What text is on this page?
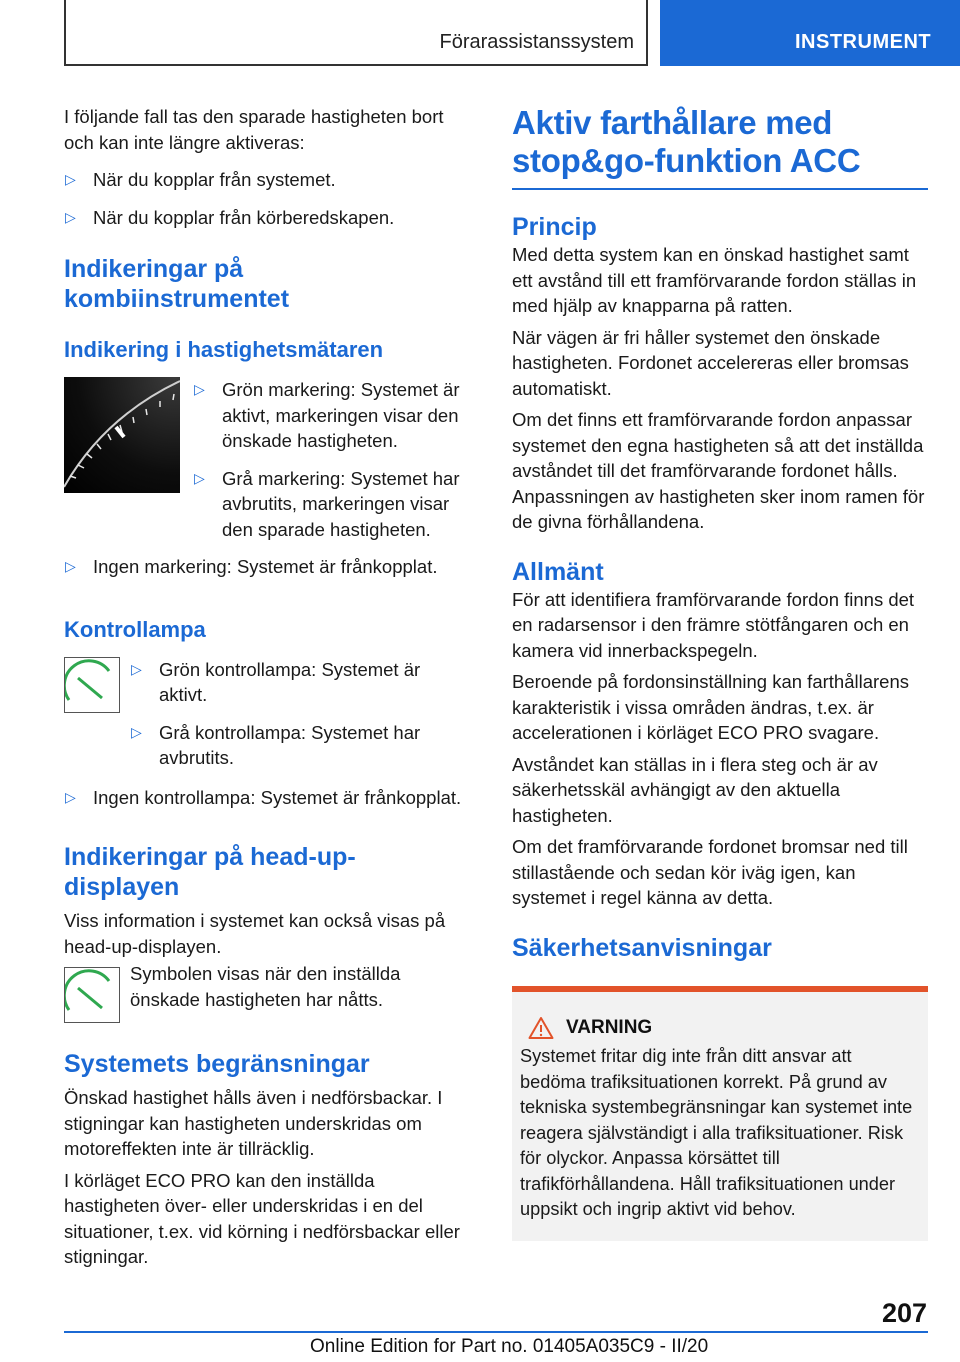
Förarassistanssystem	INSTRUMENT
I följande fall tas den sparade hastigheten bort och kan inte längre aktiveras:
▷ När du kopplar från systemet.
▷ När du kopplar från körberedskapen.
Indikeringar på kombiinstrumentet
Indikering i hastighetsmätaren
▷ Grön markering: Systemet är aktivt, markeringen visar den önskade hastigheten.
▷ Grå markering: Systemet har avbrutits, markeringen visar den sparade hastigheten.
▷ Ingen markering: Systemet är frånkopplat.
Kontrollampa
▷ Grön kontrollampa: Systemet är aktivt.
▷ Grå kontrollampa: Systemet har avbrutits.
▷ Ingen kontrollampa: Systemet är frånkopplat.
Indikeringar på head-up-displayen
Viss information i systemet kan också visas på head-up-displayen.
Symbolen visas när den inställda önskade hastigheten har nåtts.
Systemets begränsningar
Önskad hastighet hålls även i nedförsbackar. I stigningar kan hastigheten underskridas om motoreffekten inte är tillräcklig.
I körläget ECO PRO kan den inställda hastigheten över- eller underskridas i en del situationer, t.ex. vid körning i nedförsbackar eller stigningar.
Aktiv farthållare med stop&go-funktion ACC
Princip
Med detta system kan en önskad hastighet samt ett avstånd till ett framförvarande fordon ställas in med hjälp av knapparna på ratten.
När vägen är fri håller systemet den önskade hastigheten. Fordonet accelereras eller bromsas automatiskt.
Om det finns ett framförvarande fordon anpassar systemet den egna hastigheten så att det inställda avståndet till det framförvarande fordonet hålls. Anpassningen av hastigheten sker inom ramen för de givna förhållandena.
Allmänt
För att identifiera framförvarande fordon finns det en radarsensor i den främre stötfångaren och en kamera vid innerbackspegeln.
Beroende på fordonsinställning kan farthållarens karakteristik i vissa områden ändras, t.ex. är accelerationen i körläget ECO PRO svagare.
Avståndet kan ställas in i flera steg och är av säkerhetsskäl avhängigt av den aktuella hastigheten.
Om det framförvarande fordonet bromsar ned till stillastående och sedan kör iväg igen, kan systemet i regel känna av detta.
Säkerhetsanvisningar
VARNING
Systemet fritar dig inte från ditt ansvar att bedöma trafiksituationen korrekt. På grund av tekniska systembegränsningar kan systemet inte reagera självständigt i alla trafiksituationer. Risk för olyckor. Anpassa körsättet till trafikförhållandena. Håll trafiksituationen under uppsikt och ingrip aktivt vid behov.
207
Online Edition for Part no. 01405A035C9 - II/20
